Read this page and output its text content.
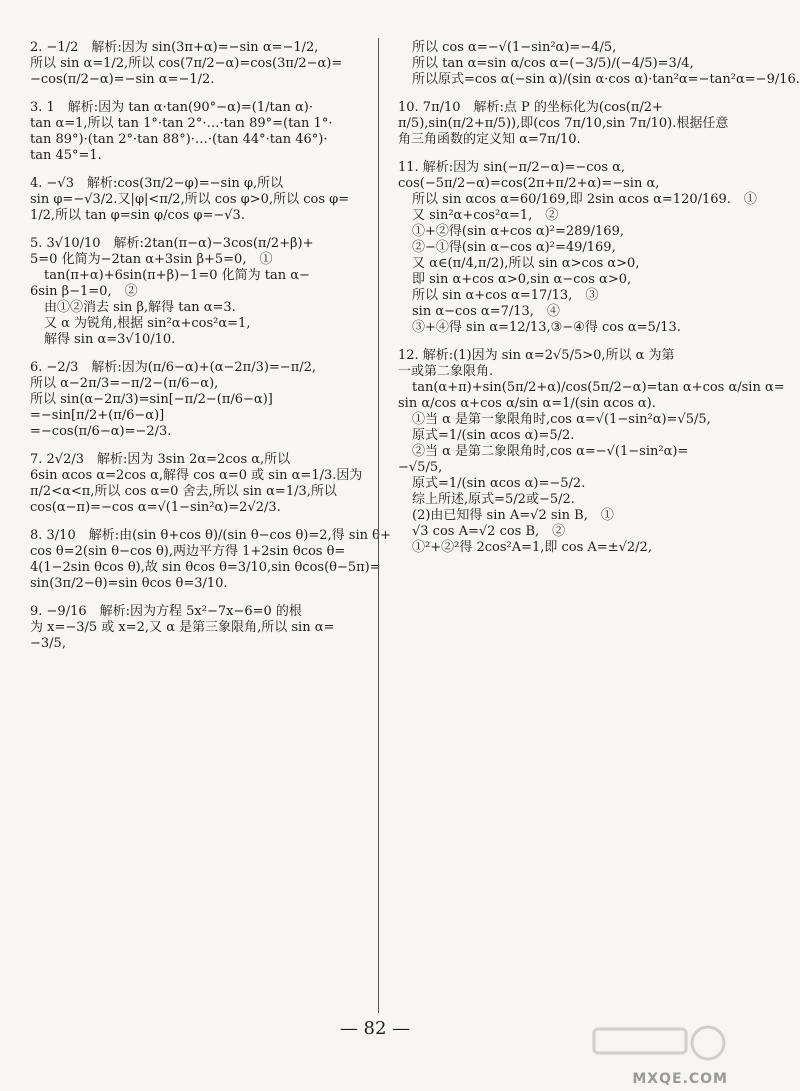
2. −1/2　解析:因为 sin(3π+α)=−sin α=−1/2,

所以 sin α=1/2,所以 cos(7π/2−α)=cos(3π/2−α)=

−cos(π/2−α)=−sin α=−1/2.

3. 1　解析:因为 tan α·tan(90°−α)=(1/tan α)·

tan α=1,所以 tan 1°·tan 2°·…·tan 89°=(tan 1°·

tan 89°)·(tan 2°·tan 88°)·…·(tan 44°·tan 46°)·

tan 45°=1.

4. −√3　解析:cos(3π/2−φ)=−sin φ,所以

sin φ=−√3/2.又|φ|<π/2,所以 cos φ>0,所以 cos φ=

1/2,所以 tan φ=sin φ/cos φ=−√3.

5. 3√10/10　解析:2tan(π−α)−3cos(π/2+β)+

5=0 化简为−2tan α+3sin β+5=0,　①

tan(π+α)+6sin(π+β)−1=0 化简为 tan α−

6sin β−1=0,　②

由①②消去 sin β,解得 tan α=3.

又 α 为锐角,根据 sin²α+cos²α=1,

解得 sin α=3√10/10.

6. −2/3　解析:因为(π/6−α)+(α−2π/3)=−π/2,

所以 α−2π/3=−π/2−(π/6−α),

所以 sin(α−2π/3)=sin[−π/2−(π/6−α)]

=−sin[π/2+(π/6−α)]

=−cos(π/6−α)=−2/3.

7. 2√2/3　解析:因为 3sin 2α=2cos α,所以

6sin αcos α=2cos α,解得 cos α=0 或 sin α=1/3.因为

π/2<α<π,所以 cos α=0 舍去,所以 sin α=1/3,所以

cos(α−π)=−cos α=√(1−sin²α)=2√2/3.

8. 3/10　解析:由(sin θ+cos θ)/(sin θ−cos θ)=2,得 sin θ+

cos θ=2(sin θ−cos θ),两边平方得 1+2sin θcos θ=

4(1−2sin θcos θ),故 sin θcos θ=3/10,sin θcos(θ−5π)=

sin(3π/2−θ)=sin θcos θ=3/10.

9. −9/16　解析:因为方程 5x²−7x−6=0 的根

为 x=−3/5 或 x=2,又 α 是第三象限角,所以 sin α=

−3/5,

所以 cos α=−√(1−sin²α)=−4/5,

所以 tan α=sin α/cos α=(−3/5)/(−4/5)=3/4,

所以原式=cos α(−sin α)/(sin α·cos α)·tan²α=−tan²α=−9/16.

10. 7π/10　解析:点 P 的坐标化为(cos(π/2+

π/5),sin(π/2+π/5)),即(cos 7π/10,sin 7π/10).根据任意

角三角函数的定义知 α=7π/10.

11. 解析:因为 sin(−π/2−α)=−cos α,

cos(−5π/2−α)=cos(2π+π/2+α)=−sin α,

所以 sin αcos α=60/169,即 2sin αcos α=120/169.　①

又 sin²α+cos²α=1,　②

①+②得(sin α+cos α)²=289/169,

②−①得(sin α−cos α)²=49/169,

又 α∈(π/4,π/2),所以 sin α>cos α>0,

即 sin α+cos α>0,sin α−cos α>0,

所以 sin α+cos α=17/13,　③

sin α−cos α=7/13,　④

③+④得 sin α=12/13,③−④得 cos α=5/13.

12. 解析:(1)因为 sin α=2√5/5>0,所以 α 为第

一或第二象限角.

tan(α+π)+sin(5π/2+α)/cos(5π/2−α)=tan α+cos α/sin α=

sin α/cos α+cos α/sin α=1/(sin αcos α).

①当 α 是第一象限角时,cos α=√(1−sin²α)=√5/5,

原式=1/(sin αcos α)=5/2.

②当 α 是第二象限角时,cos α=−√(1−sin²α)=

−√5/5,

原式=1/(sin αcos α)=−5/2.

综上所述,原式=5/2或−5/2.

(2)由已知得 sin A=√2 sin B,　①

√3 cos A=√2 cos B,　②

①²+②²得 2cos²A=1,即 cos A=±√2/2,

— 82 —
MXQE.COM
